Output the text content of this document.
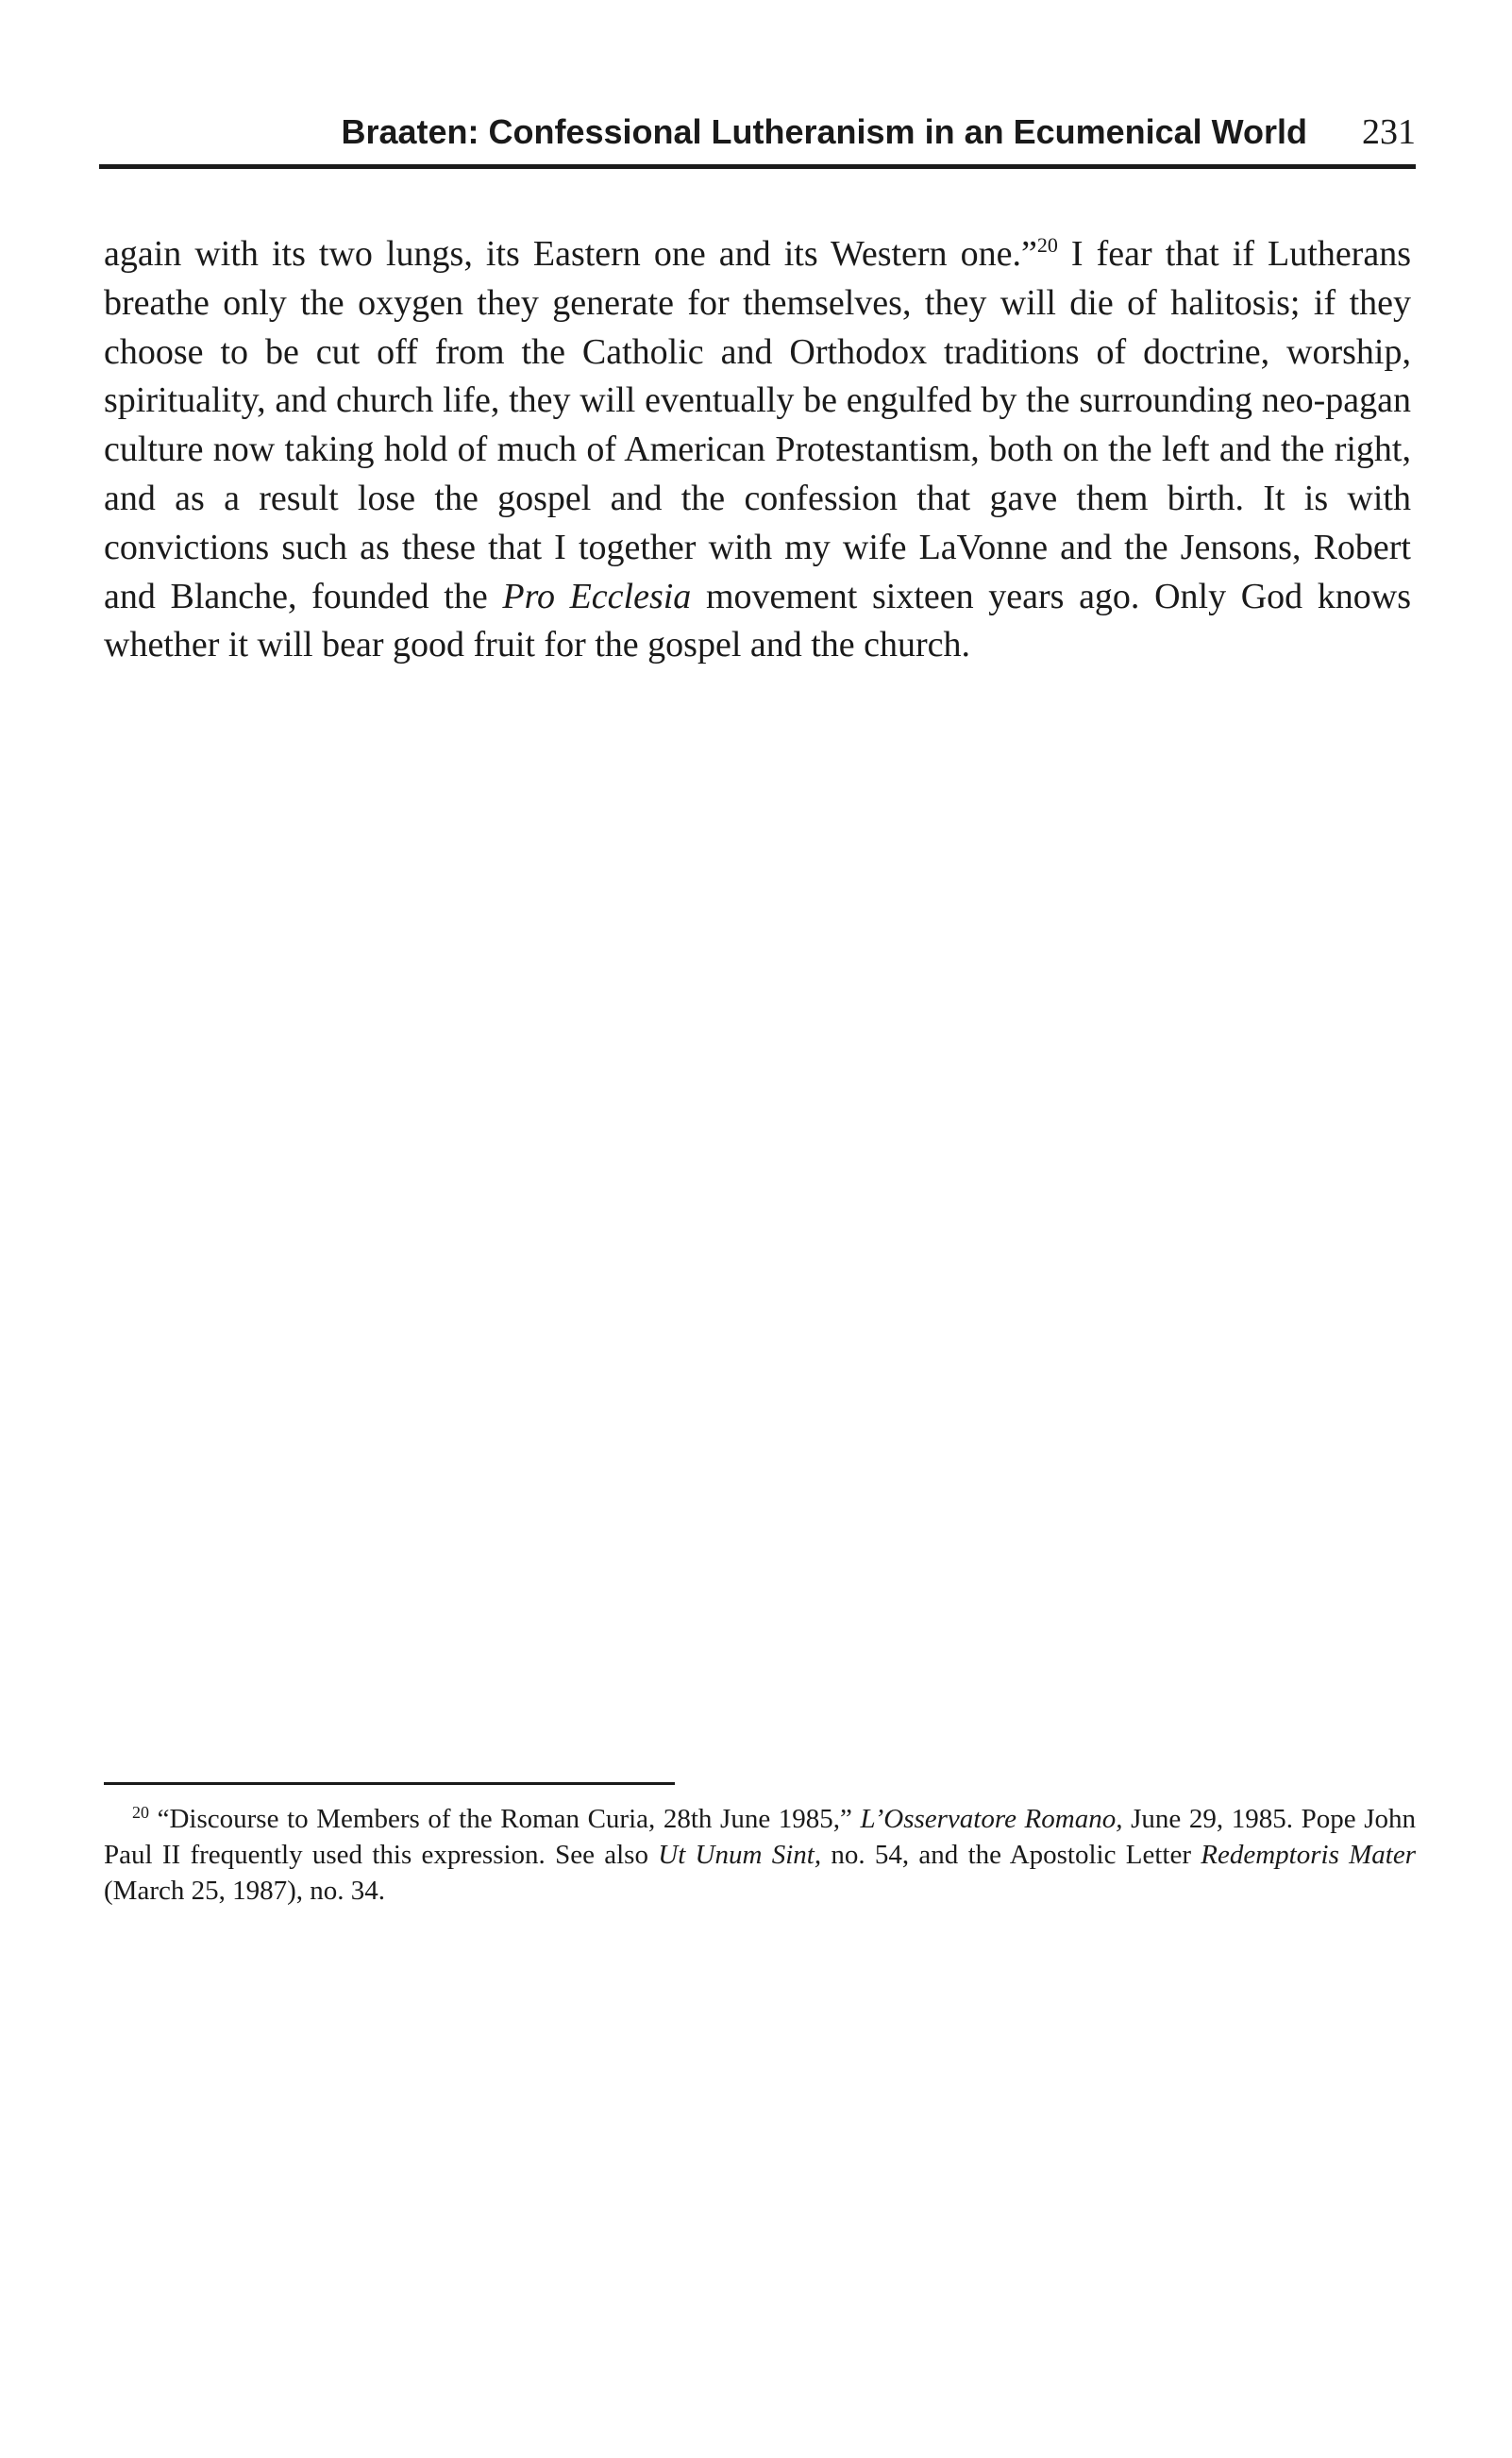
Braaten: Confessional Lutheranism in an Ecumenical World 231

again with its two lungs, its Eastern one and its Western one.”$^{20}$ I fear that if Lutherans breathe only the oxygen they generate for themselves, they will die of halitosis; if they choose to be cut off from the Catholic and Orthodox traditions of doctrine, worship, spirituality, and church life, they will eventually be engulfed by the surrounding neo-pagan culture now taking hold of much of American Protestantism, both on the left and the right, and as a result lose the gospel and the confession that gave them birth. It is with convictions such as these that I together with my wife LaVonne and the Jensons, Robert and Blanche, founded the Pro Ecclesia movement sixteen years ago. Only God knows whether it will bear good fruit for the gospel and the church.

$^{20}$ “Discourse to Members of the Roman Curia, 28th June 1985,” L’Osservatore Romano, June 29, 1985. Pope John Paul II frequently used this expression. See also Ut Unum Sint, no. 54, and the Apostolic Letter Redemptoris Mater (March 25, 1987), no. 34.
